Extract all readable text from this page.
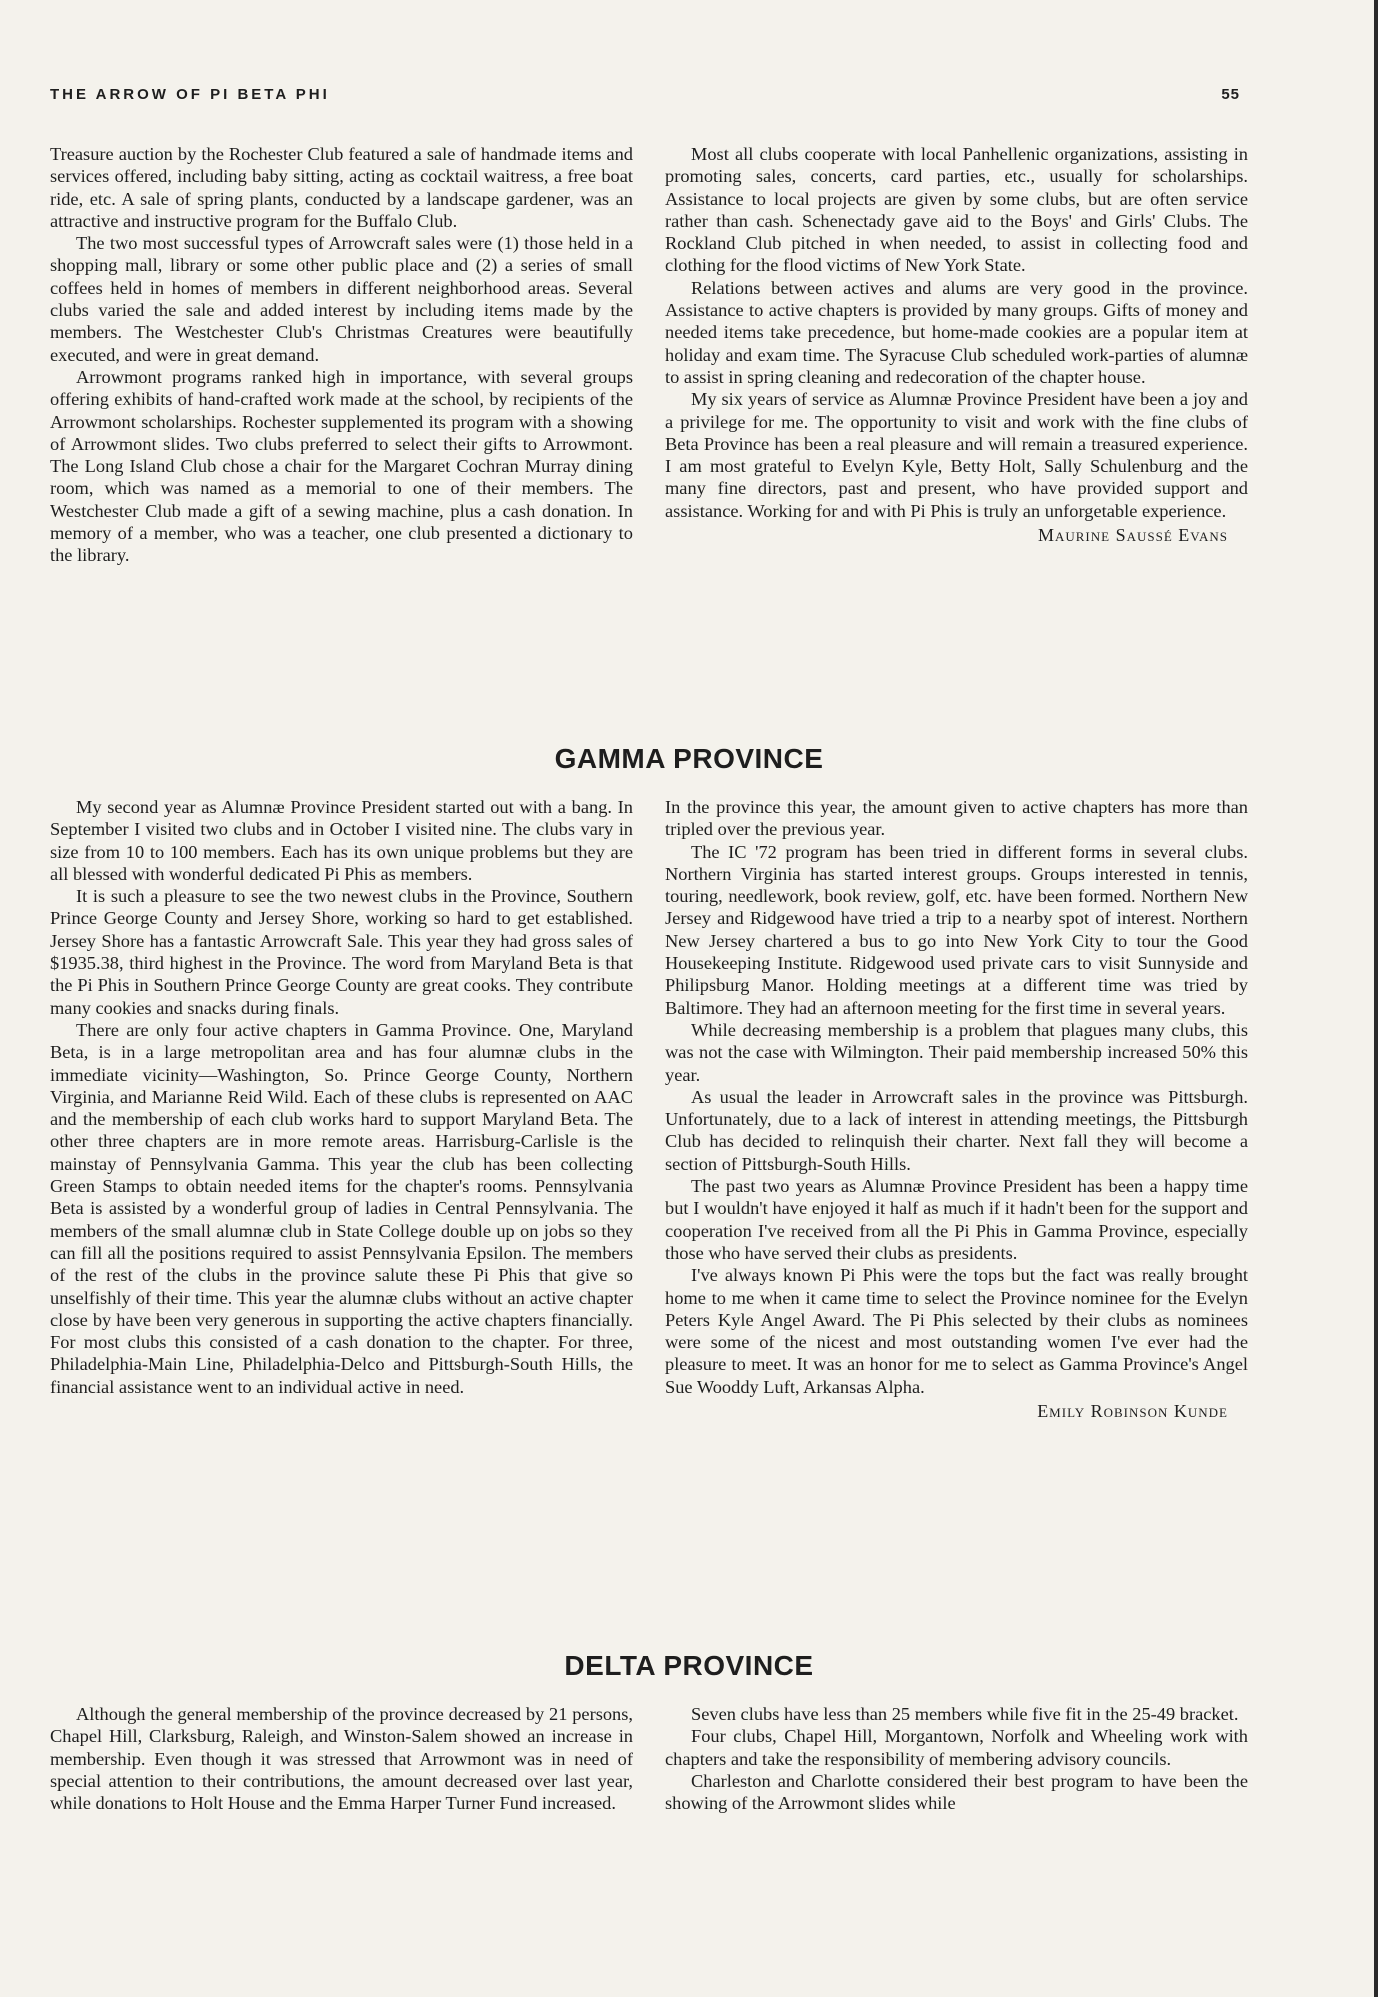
THE ARROW OF PI BETA PHI	55

Treasure auction by the Rochester Club featured a sale of handmade items and services offered, including baby sitting, acting as cocktail waitress, a free boat ride, etc. A sale of spring plants, conducted by a landscape gardener, was an attractive and instructive program for the Buffalo Club.

The two most successful types of Arrowcraft sales were (1) those held in a shopping mall, library or some other public place and (2) a series of small coffees held in homes of members in different neighborhood areas. Several clubs varied the sale and added interest by including items made by the members. The Westchester Club's Christmas Creatures were beautifully executed, and were in great demand.

Arrowmont programs ranked high in importance, with several groups offering exhibits of hand-crafted work made at the school, by recipients of the Arrowmont scholarships. Rochester supplemented its program with a showing of Arrowmont slides. Two clubs preferred to select their gifts to Arrowmont. The Long Island Club chose a chair for the Margaret Cochran Murray dining room, which was named as a memorial to one of their members. The Westchester Club made a gift of a sewing machine, plus a cash donation. In memory of a member, who was a teacher, one club presented a dictionary to the library.

Most all clubs cooperate with local Panhellenic organizations, assisting in promoting sales, concerts, card parties, etc., usually for scholarships. Assistance to local projects are given by some clubs, but are often service rather than cash. Schenectady gave aid to the Boys' and Girls' Clubs. The Rockland Club pitched in when needed, to assist in collecting food and clothing for the flood victims of New York State.

Relations between actives and alums are very good in the province. Assistance to active chapters is provided by many groups. Gifts of money and needed items take precedence, but home-made cookies are a popular item at holiday and exam time. The Syracuse Club scheduled work-parties of alumnæ to assist in spring cleaning and redecoration of the chapter house.

My six years of service as Alumnæ Province President have been a joy and a privilege for me. The opportunity to visit and work with the fine clubs of Beta Province has been a real pleasure and will remain a treasured experience. I am most grateful to Evelyn Kyle, Betty Holt, Sally Schulenburg and the many fine directors, past and present, who have provided support and assistance. Working for and with Pi Phis is truly an unforgetable experience.

Maurine Saussé Evans
GAMMA PROVINCE

My second year as Alumnæ Province President started out with a bang. In September I visited two clubs and in October I visited nine. The clubs vary in size from 10 to 100 members. Each has its own unique problems but they are all blessed with wonderful dedicated Pi Phis as members.

It is such a pleasure to see the two newest clubs in the Province, Southern Prince George County and Jersey Shore, working so hard to get established. Jersey Shore has a fantastic Arrowcraft Sale. This year they had gross sales of $1935.38, third highest in the Province. The word from Maryland Beta is that the Pi Phis in Southern Prince George County are great cooks. They contribute many cookies and snacks during finals.

There are only four active chapters in Gamma Province. One, Maryland Beta, is in a large metropolitan area and has four alumnæ clubs in the immediate vicinity—Washington, So. Prince George County, Northern Virginia, and Marianne Reid Wild. Each of these clubs is represented on AAC and the membership of each club works hard to support Maryland Beta. The other three chapters are in more remote areas. Harrisburg-Carlisle is the mainstay of Pennsylvania Gamma. This year the club has been collecting Green Stamps to obtain needed items for the chapter's rooms. Pennsylvania Beta is assisted by a wonderful group of ladies in Central Pennsylvania. The members of the small alumnæ club in State College double up on jobs so they can fill all the positions required to assist Pennsylvania Epsilon. The members of the rest of the clubs in the province salute these Pi Phis that give so unselfishly of their time. This year the alumnæ clubs without an active chapter close by have been very generous in supporting the active chapters financially. For most clubs this consisted of a cash donation to the chapter. For three, Philadelphia-Main Line, Philadelphia-Delco and Pittsburgh-South Hills, the financial assistance went to an individual active in need.

In the province this year, the amount given to active chapters has more than tripled over the previous year.

The IC '72 program has been tried in different forms in several clubs. Northern Virginia has started interest groups. Groups interested in tennis, touring, needlework, book review, golf, etc. have been formed. Northern New Jersey and Ridgewood have tried a trip to a nearby spot of interest. Northern New Jersey chartered a bus to go into New York City to tour the Good Housekeeping Institute. Ridgewood used private cars to visit Sunnyside and Philipsburg Manor. Holding meetings at a different time was tried by Baltimore. They had an afternoon meeting for the first time in several years.

While decreasing membership is a problem that plagues many clubs, this was not the case with Wilmington. Their paid membership increased 50% this year.

As usual the leader in Arrowcraft sales in the province was Pittsburgh. Unfortunately, due to a lack of interest in attending meetings, the Pittsburgh Club has decided to relinquish their charter. Next fall they will become a section of Pittsburgh-South Hills.

The past two years as Alumnæ Province President has been a happy time but I wouldn't have enjoyed it half as much if it hadn't been for the support and cooperation I've received from all the Pi Phis in Gamma Province, especially those who have served their clubs as presidents.

I've always known Pi Phis were the tops but the fact was really brought home to me when it came time to select the Province nominee for the Evelyn Peters Kyle Angel Award. The Pi Phis selected by their clubs as nominees were some of the nicest and most outstanding women I've ever had the pleasure to meet. It was an honor for me to select as Gamma Province's Angel Sue Wooddy Luft, Arkansas Alpha.

Emily Robinson Kunde
DELTA PROVINCE

Although the general membership of the province decreased by 21 persons, Chapel Hill, Clarksburg, Raleigh, and Winston-Salem showed an increase in membership. Even though it was stressed that Arrowmont was in need of special attention to their contributions, the amount decreased over last year, while donations to Holt House and the Emma Harper Turner Fund increased.

Seven clubs have less than 25 members while five fit in the 25-49 bracket.

Four clubs, Chapel Hill, Morgantown, Norfolk and Wheeling work with chapters and take the responsibility of membering advisory councils.

Charleston and Charlotte considered their best program to have been the showing of the Arrowmont slides while
